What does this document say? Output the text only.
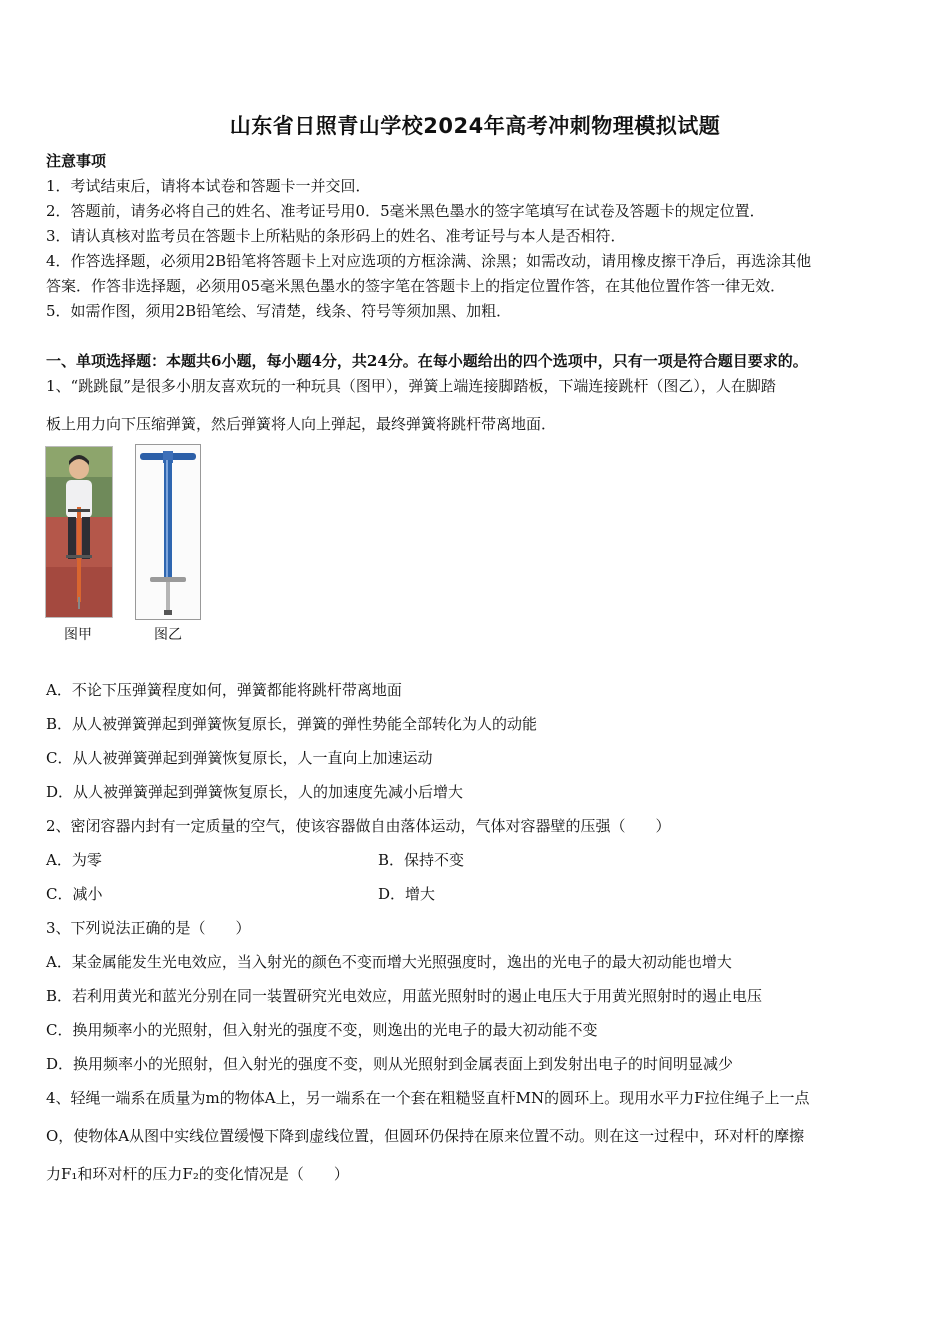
山东省日照青山学校2024年高考冲刺物理模拟试题
注意事项
1．考试结束后，请将本试卷和答题卡一并交回．
2．答题前，请务必将自己的姓名、准考证号用0．5毫米黑色墨水的签字笔填写在试卷及答题卡的规定位置．
3．请认真核对监考员在答题卡上所粘贴的条形码上的姓名、准考证号与本人是否相符．
4．作答选择题，必须用2B铅笔将答题卡上对应选项的方框涂满、涂黑；如需改动，请用橡皮擦干净后，再选涂其他
答案．作答非选择题，必须用05毫米黑色墨水的签字笔在答题卡上的指定位置作答，在其他位置作答一律无效．
5．如需作图，须用2B铅笔绘、写清楚，线条、符号等须加黑、加粗．
一、单项选择题：本题共6小题，每小题4分，共24分。在每小题给出的四个选项中，只有一项是符合题目要求的。
1、“跳跳鼠”是很多小朋友喜欢玩的一种玩具（图甲），弹簧上端连接脚踏板，下端连接跳杆（图乙），人在脚踏
板上用力向下压缩弹簧，然后弹簧将人向上弹起，最终弹簧将跳杆带离地面．
图甲	图乙
A．不论下压弹簧程度如何，弹簧都能将跳杆带离地面
B．从人被弹簧弹起到弹簧恢复原长，弹簧的弹性势能全部转化为人的动能
C．从人被弹簧弹起到弹簧恢复原长，人一直向上加速运动
D．从人被弹簧弹起到弹簧恢复原长，人的加速度先减小后增大
2、密闭容器内封有一定质量的空气，使该容器做自由落体运动，气体对容器壁的压强（　　）
A．为零	B．保持不变
C．减小	D．增大
3、下列说法正确的是（　　）
A．某金属能发生光电效应，当入射光的颜色不变而增大光照强度时，逸出的光电子的最大初动能也增大
B．若利用黄光和蓝光分别在同一装置研究光电效应，用蓝光照射时的遏止电压大于用黄光照射时的遏止电压
C．换用频率小的光照射，但入射光的强度不变，则逸出的光电子的最大初动能不变
D．换用频率小的光照射，但入射光的强度不变，则从光照射到金属表面上到发射出电子的时间明显减少
4、轻绳一端系在质量为m的物体A上，另一端系在一个套在粗糙竖直杆MN的圆环上。现用水平力F拉住绳子上一点
O，使物体A从图中实线位置缓慢下降到虚线位置，但圆环仍保持在原来位置不动。则在这一过程中，环对杆的摩擦
力F₁和环对杆的压力F₂的变化情况是（　　）
